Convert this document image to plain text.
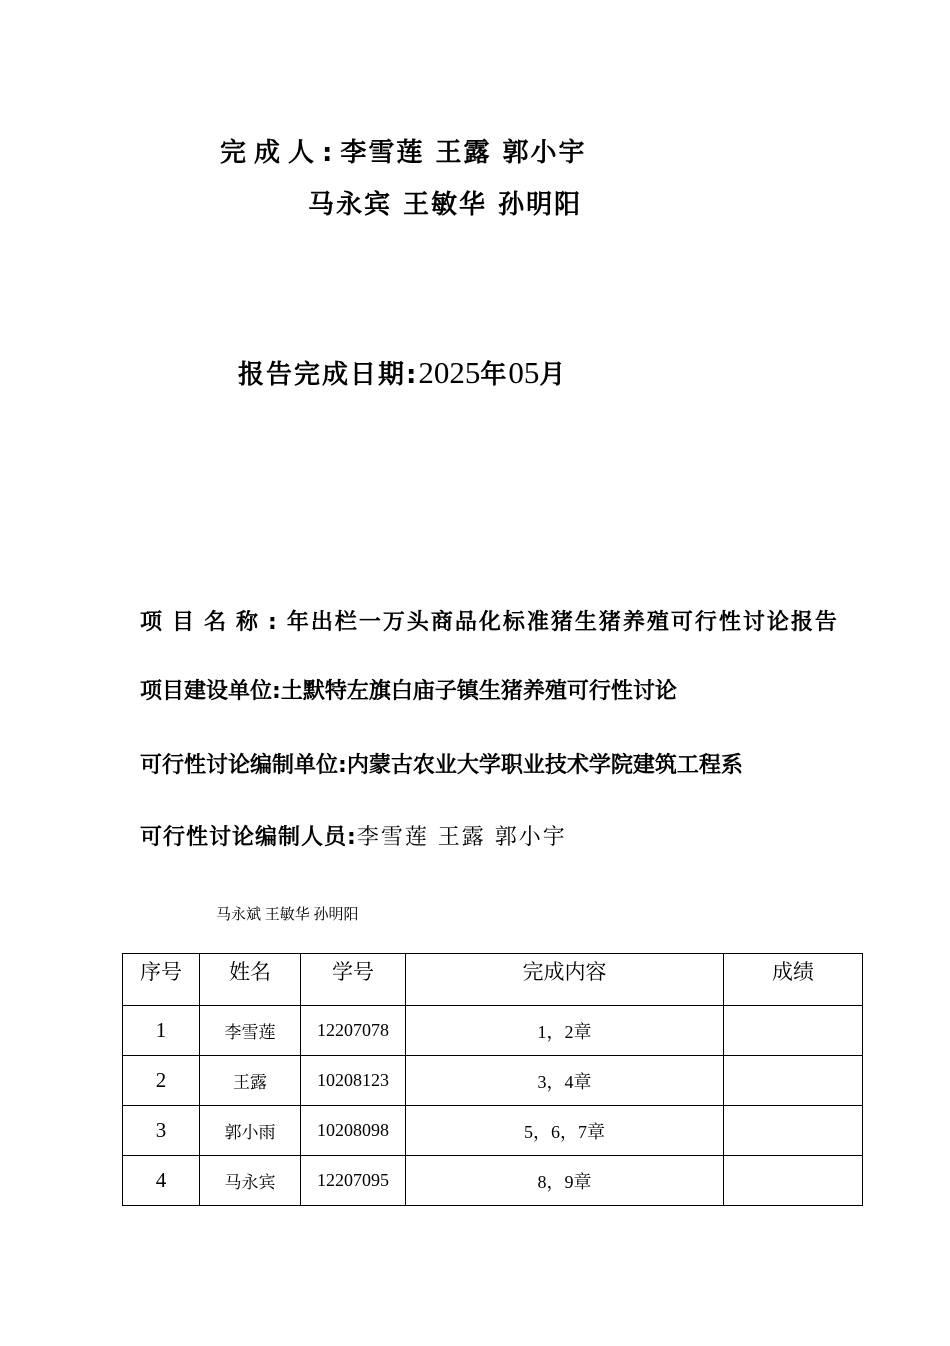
完成人:李雪莲 王露 郭小宇
马永宾 王敏华 孙明阳
报告完成日期:2025年05月
项目名称:年出栏一万头商品化标准猪生猪养殖可行性讨论报告
项目建设单位:土默特左旗白庙子镇生猪养殖可行性讨论
可行性讨论编制单位:内蒙古农业大学职业技术学院建筑工程系
可行性讨论编制人员:李雪莲 王露 郭小宇
马永斌 王敏华 孙明阳
序号	姓名	学号	完成内容	成绩
1	李雪莲	12207078	1，2章	
2	王露	10208123	3，4章	
3	郭小雨	10208098	5，6，7章	
4	马永宾	12207095	8，9章	
